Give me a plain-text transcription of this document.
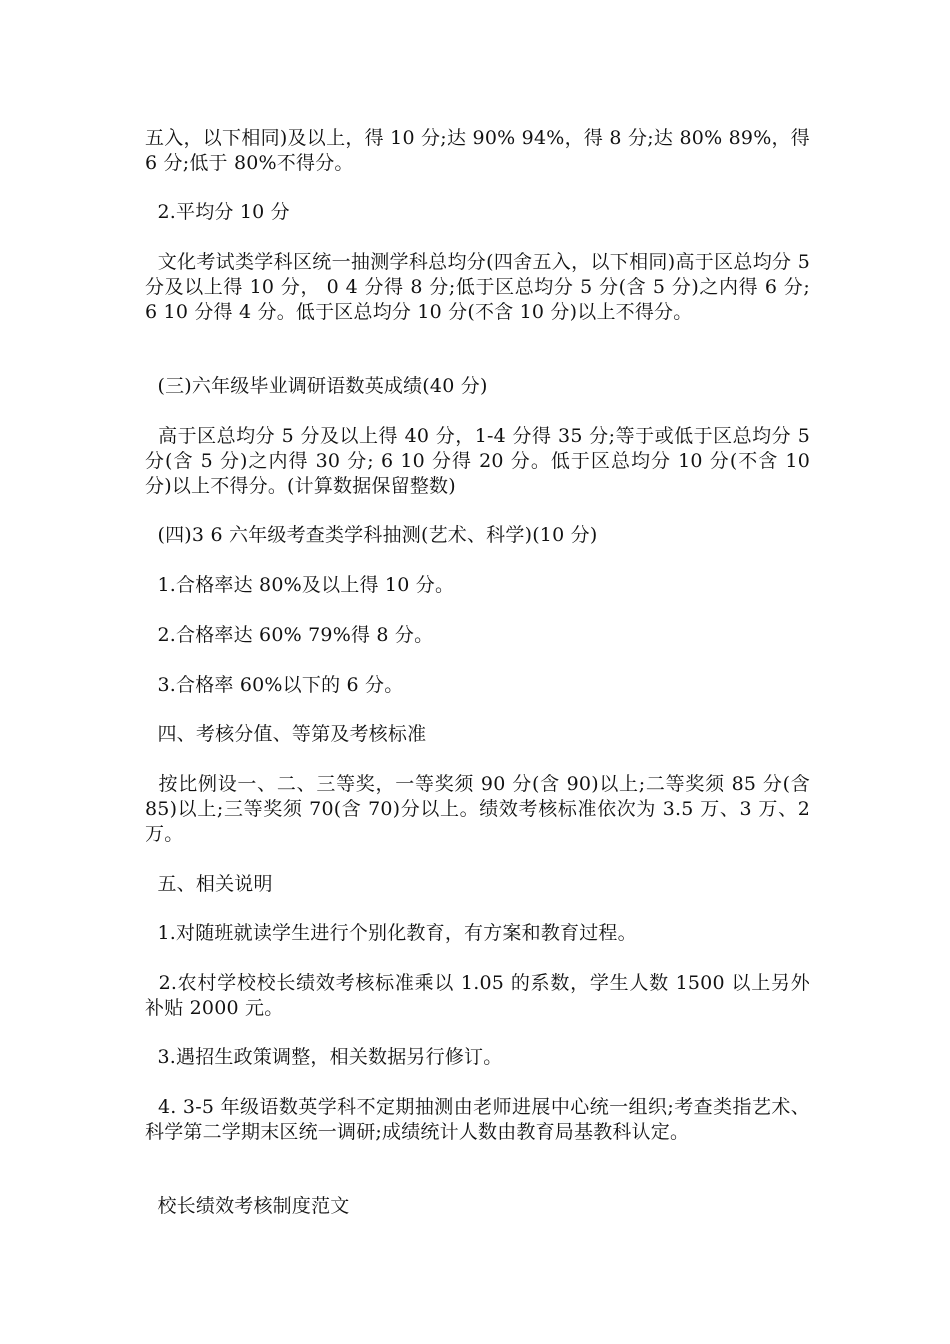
五入，以下相同)及以上，得 10 分;达 90% 94%，得 8 分;达 80% 89%，得 6 分;低于 80%不得分。

2.平均分 10 分

文化考试类学科区统一抽测学科总均分(四舍五入，以下相同)高于区总均分 5 分及以上得 10 分， 0 4 分得 8 分;低于区总均分 5 分(含 5 分)之内得 6 分; 6 10 分得 4 分。低于区总均分 10 分(不含 10 分)以上不得分。

(三)六年级毕业调研语数英成绩(40 分)

高于区总均分 5 分及以上得 40 分，1-4 分得 35 分;等于或低于区总均分 5 分(含 5 分)之内得 30 分; 6 10 分得 20 分。低于区总均分 10 分(不含 10 分)以上不得分。(计算数据保留整数)

(四)3 6 六年级考查类学科抽测(艺术、科学)(10 分)

1.合格率达 80%及以上得 10 分。

2.合格率达 60% 79%得 8 分。

3.合格率 60%以下的 6 分。

四、考核分值、等第及考核标准

按比例设一、二、三等奖，一等奖须 90 分(含 90)以上;二等奖须 85 分(含 85)以上;三等奖须 70(含 70)分以上。绩效考核标准依次为 3.5 万、3 万、2 万。

五、相关说明

1.对随班就读学生进行个别化教育，有方案和教育过程。

2.农村学校校长绩效考核标准乘以 1.05 的系数，学生人数 1500 以上另外补贴 2000 元。

3.遇招生政策调整，相关数据另行修订。

4. 3-5 年级语数英学科不定期抽测由老师进展中心统一组织;考查类指艺术、科学第二学期末区统一调研;成绩统计人数由教育局基教科认定。

校长绩效考核制度范文
